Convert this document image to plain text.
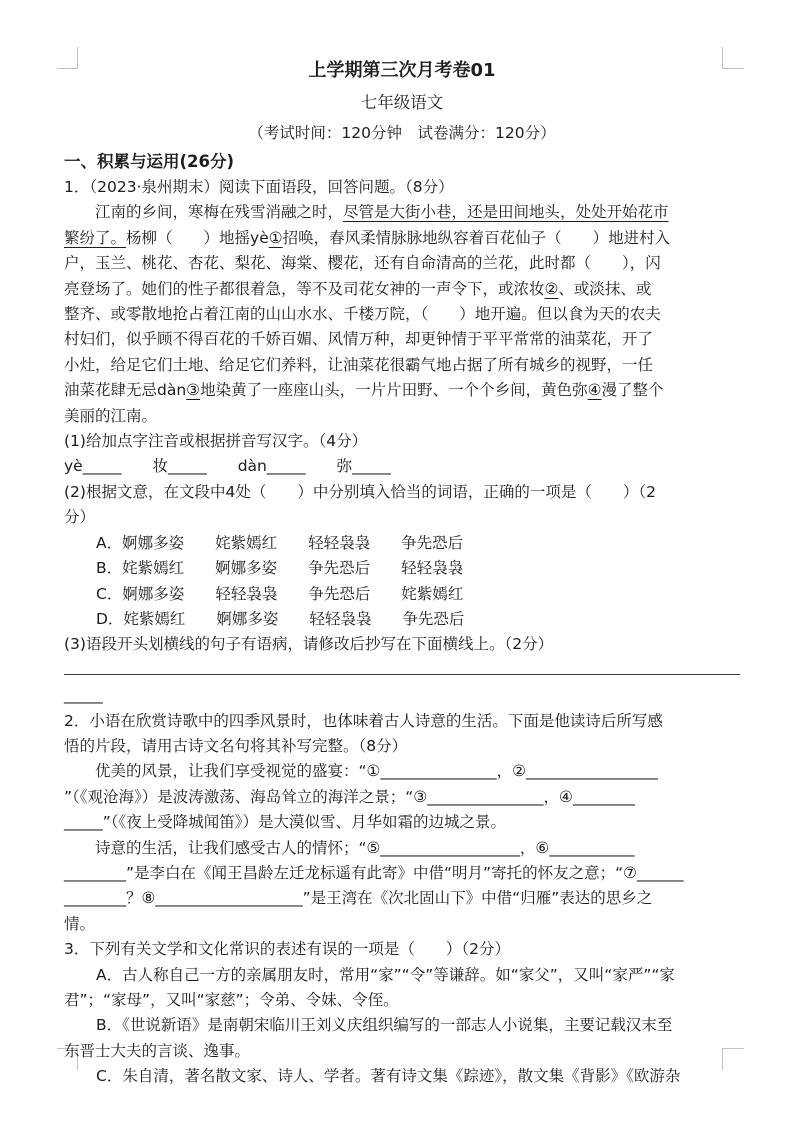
上学期第三次月考卷01
七年级语文
（考试时间：120分钟　试卷满分：120分）
一、积累与运用(26分)
1．（2023·泉州期末）阅读下面语段，回答问题。（8分）
　　江南的乡间，寒梅在残雪消融之时，尽管是大街小巷，还是田间地头，处处开始花市
繁纷了。杨柳（　　）地摇yè①招唤，春风柔情脉脉地纵容着百花仙子（　　）地进村入
户，玉兰、桃花、杏花、梨花、海棠、樱花，还有自命清高的兰花，此时都（　　），闪
亮登场了。她们的性子都很着急，等不及司花女神的一声令下，或浓妆②、或淡抹、或
整齐、或零散地抢占着江南的山山水水、千楼万院，（　　）地开遍。但以食为天的农夫
村妇们，似乎顾不得百花的千娇百媚、风情万种，却更钟情于平平常常的油菜花，开了
小灶，给足它们土地、给足它们养料，让油菜花很霸气地占据了所有城乡的视野，一任
油菜花肆无忌dàn③地染黄了一座座山头，一片片田野、一个个乡间，黄色弥④漫了整个
美丽的江南。
(1)给加点字注音或根据拼音写汉字。（4分）
yè_____　　妆_____　　dàn_____　　弥_____
(2)根据文意，在文段中4处（　　）中分别填入恰当的词语，正确的一项是（　　）（2
分）
A．婀娜多姿　　姹紫嫣红　　轻轻袅袅　　争先恐后
B．姹紫嫣红　　婀娜多姿　　争先恐后　　轻轻袅袅
C．婀娜多姿　　轻轻袅袅　　争先恐后　　姹紫嫣红
D．姹紫嫣红　　婀娜多姿　　轻轻袅袅　　争先恐后
(3)语段开头划横线的句子有语病，请修改后抄写在下面横线上。（2分）
_____
2．小语在欣赏诗歌中的四季风景时，也体味着古人诗意的生活。下面是他读诗后所写感
悟的片段，请用古诗文名句将其补写完整。（8分）
　　优美的风景，让我们享受视觉的盛宴：“①_______________，②_________________
”（《观沧海》）是波涛激荡、海岛耸立的海洋之景；“③_______________，④________
_____”（《夜上受降城闻笛》）是大漠似雪、月华如霜的边城之景。
　　诗意的生活，让我们感受古人的情怀；“⑤__________________，⑥___________
________”是李白在《闻王昌龄左迁龙标遥有此寄》中借“明月”寄托的怀友之意；“⑦______
________？⑧___________________”是王湾在《次北固山下》中借“归雁”表达的思乡之
情。
3．下列有关文学和文化常识的表述有误的一项是（　　）（2分）
A．古人称自己一方的亲属朋友时，常用“家”“令”等谦辞。如“家父”，又叫“家严”“家
君”；“家母”，又叫“家慈”；令弟、令妹、令侄。
B．《世说新语》是南朝宋临川王刘义庆组织编写的一部志人小说集，主要记载汉末至
东晋士大夫的言谈、逸事。
C．朱自清，著名散文家、诗人、学者。著有诗文集《踪迹》，散文集《背影》《欧游杂
